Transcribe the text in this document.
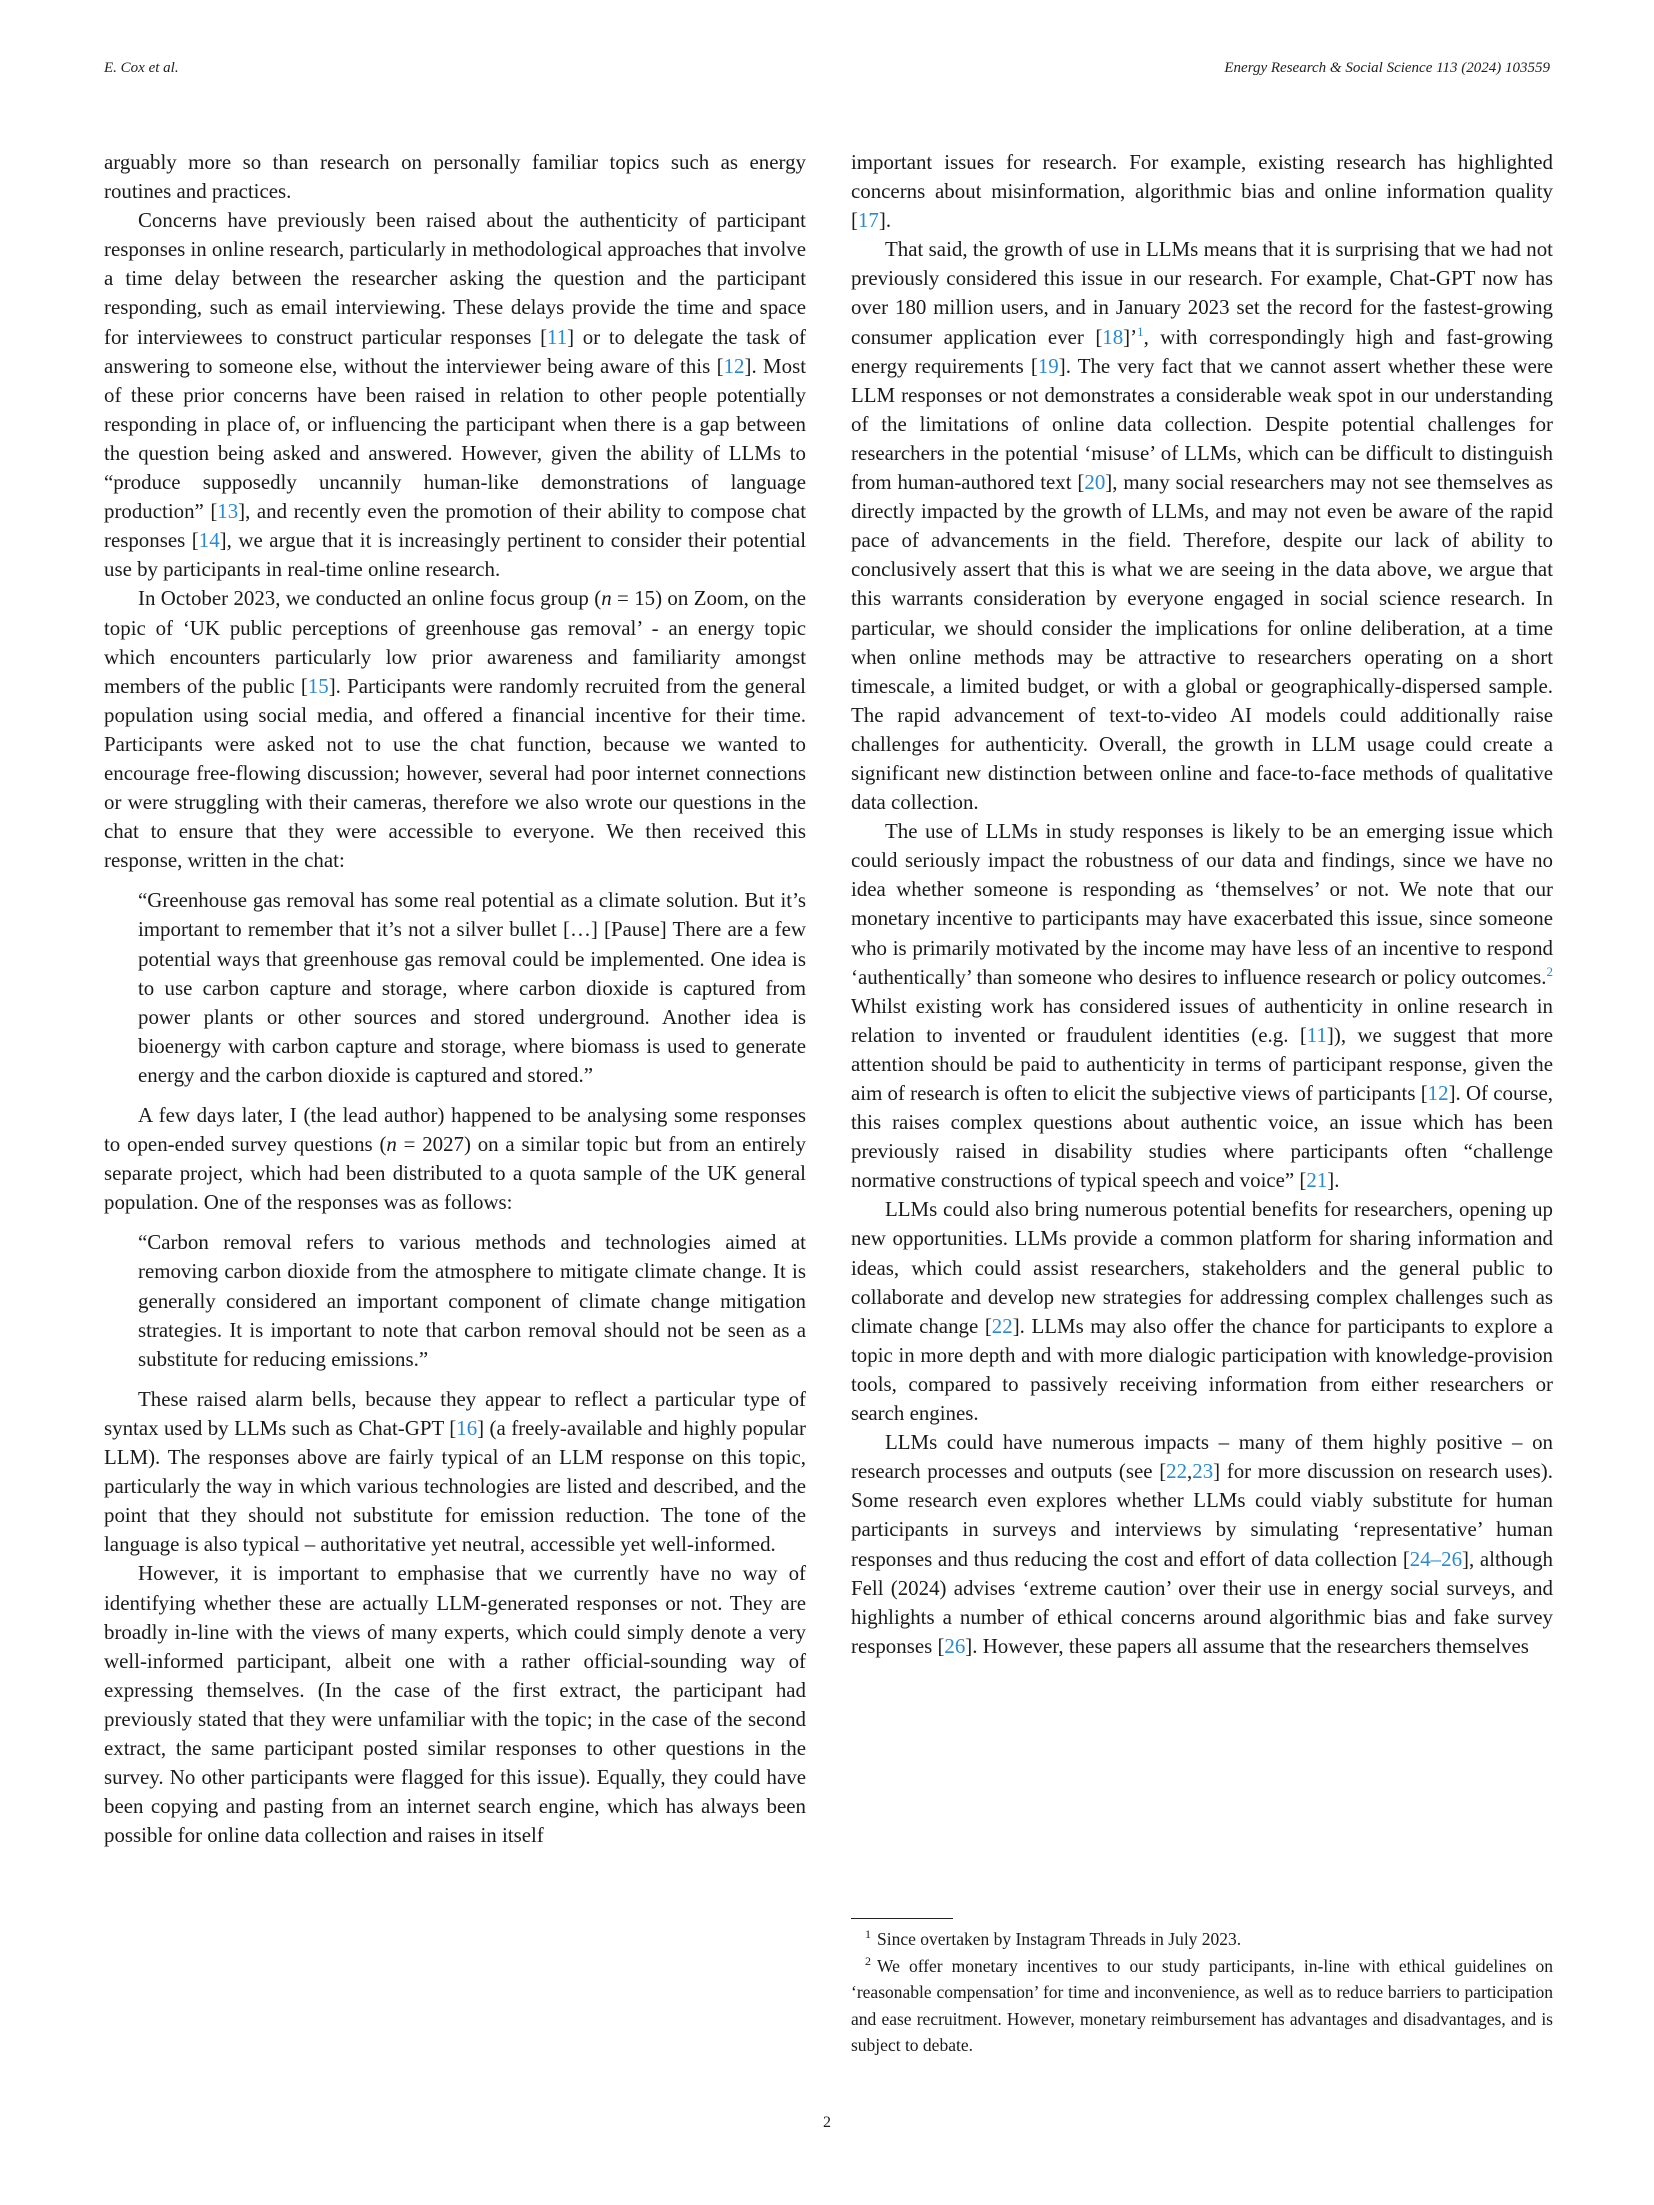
E. Cox et al.	Energy Research & Social Science 113 (2024) 103559

arguably more so than research on personally familiar topics such as energy routines and practices.

Concerns have previously been raised about the authenticity of participant responses in online research, particularly in methodological approaches that involve a time delay between the researcher asking the question and the participant responding, such as email interviewing. These delays provide the time and space for interviewees to construct particular responses [11] or to delegate the task of answering to someone else, without the interviewer being aware of this [12]. Most of these prior concerns have been raised in relation to other people potentially responding in place of, or influencing the participant when there is a gap between the question being asked and answered. However, given the ability of LLMs to “produce supposedly uncannily human-like demonstrations of language production” [13], and recently even the promotion of their ability to compose chat responses [14], we argue that it is increasingly pertinent to consider their potential use by participants in real-time online research.

In October 2023, we conducted an online focus group (n = 15) on Zoom, on the topic of ‘UK public perceptions of greenhouse gas removal’ - an energy topic which encounters particularly low prior awareness and familiarity amongst members of the public [15]. Participants were randomly recruited from the general population using social media, and offered a financial incentive for their time. Participants were asked not to use the chat function, because we wanted to encourage free-flowing discussion; however, several had poor internet connections or were struggling with their cameras, therefore we also wrote our questions in the chat to ensure that they were accessible to everyone. We then received this response, written in the chat:

“Greenhouse gas removal has some real potential as a climate solution. But it’s important to remember that it’s not a silver bullet […] [Pause] There are a few potential ways that greenhouse gas removal could be implemented. One idea is to use carbon capture and storage, where carbon dioxide is captured from power plants or other sources and stored underground. Another idea is bioenergy with carbon capture and storage, where biomass is used to generate energy and the carbon dioxide is captured and stored.”

A few days later, I (the lead author) happened to be analysing some responses to open-ended survey questions (n = 2027) on a similar topic but from an entirely separate project, which had been distributed to a quota sample of the UK general population. One of the responses was as follows:

“Carbon removal refers to various methods and technologies aimed at removing carbon dioxide from the atmosphere to mitigate climate change. It is generally considered an important component of climate change mitigation strategies. It is important to note that carbon removal should not be seen as a substitute for reducing emissions.”

These raised alarm bells, because they appear to reflect a particular type of syntax used by LLMs such as Chat-GPT [16] (a freely-available and highly popular LLM). The responses above are fairly typical of an LLM response on this topic, particularly the way in which various technologies are listed and described, and the point that they should not substitute for emission reduction. The tone of the language is also typical – authoritative yet neutral, accessible yet well-informed.

However, it is important to emphasise that we currently have no way of identifying whether these are actually LLM-generated responses or not. They are broadly in-line with the views of many experts, which could simply denote a very well-informed participant, albeit one with a rather official-sounding way of expressing themselves. (In the case of the first extract, the participant had previously stated that they were unfamiliar with the topic; in the case of the second extract, the same participant posted similar responses to other questions in the survey. No other participants were flagged for this issue). Equally, they could have been copying and pasting from an internet search engine, which has always been possible for online data collection and raises in itself

important issues for research. For example, existing research has highlighted concerns about misinformation, algorithmic bias and online information quality [17].

That said, the growth of use in LLMs means that it is surprising that we had not previously considered this issue in our research. For example, Chat-GPT now has over 180 million users, and in January 2023 set the record for the fastest-growing consumer application ever [18]ʼ$^1$, with correspondingly high and fast-growing energy requirements [19]. The very fact that we cannot assert whether these were LLM responses or not demonstrates a considerable weak spot in our understanding of the limitations of online data collection. Despite potential challenges for researchers in the potential ‘misuse’ of LLMs, which can be difficult to distinguish from human-authored text [20], many social researchers may not see themselves as directly impacted by the growth of LLMs, and may not even be aware of the rapid pace of advancements in the field. Therefore, despite our lack of ability to conclusively assert that this is what we are seeing in the data above, we argue that this warrants consideration by everyone engaged in social science research. In particular, we should consider the implications for online deliberation, at a time when online methods may be attractive to researchers operating on a short timescale, a limited budget, or with a global or geographically-dispersed sample. The rapid advancement of text-to-video AI models could additionally raise challenges for authenticity. Overall, the growth in LLM usage could create a significant new distinction between online and face-to-face methods of qualitative data collection.

The use of LLMs in study responses is likely to be an emerging issue which could seriously impact the robustness of our data and findings, since we have no idea whether someone is responding as ‘themselves’ or not. We note that our monetary incentive to participants may have exacerbated this issue, since someone who is primarily motivated by the income may have less of an incentive to respond ‘authentically’ than someone who desires to influence research or policy outcomes.$^2$ Whilst existing work has considered issues of authenticity in online research in relation to invented or fraudulent identities (e.g. [11]), we suggest that more attention should be paid to authenticity in terms of participant response, given the aim of research is often to elicit the subjective views of participants [12]. Of course, this raises complex questions about authentic voice, an issue which has been previously raised in disability studies where participants often “challenge normative constructions of typical speech and voice” [21].

LLMs could also bring numerous potential benefits for researchers, opening up new opportunities. LLMs provide a common platform for sharing information and ideas, which could assist researchers, stakeholders and the general public to collaborate and develop new strategies for addressing complex challenges such as climate change [22]. LLMs may also offer the chance for participants to explore a topic in more depth and with more dialogic participation with knowledge-provision tools, compared to passively receiving information from either researchers or search engines.

LLMs could have numerous impacts – many of them highly positive – on research processes and outputs (see [22,23] for more discussion on research uses). Some research even explores whether LLMs could viably substitute for human participants in surveys and interviews by simulating ‘representative’ human responses and thus reducing the cost and effort of data collection [24–26], although Fell (2024) advises ‘extreme caution’ over their use in energy social surveys, and highlights a number of ethical concerns around algorithmic bias and fake survey responses [26]. However, these papers all assume that the researchers themselves

$^1$ Since overtaken by Instagram Threads in July 2023.

$^2$ We offer monetary incentives to our study participants, in-line with ethical guidelines on ‘reasonable compensation’ for time and inconvenience, as well as to reduce barriers to participation and ease recruitment. However, monetary reimbursement has advantages and disadvantages, and is subject to debate.

2
